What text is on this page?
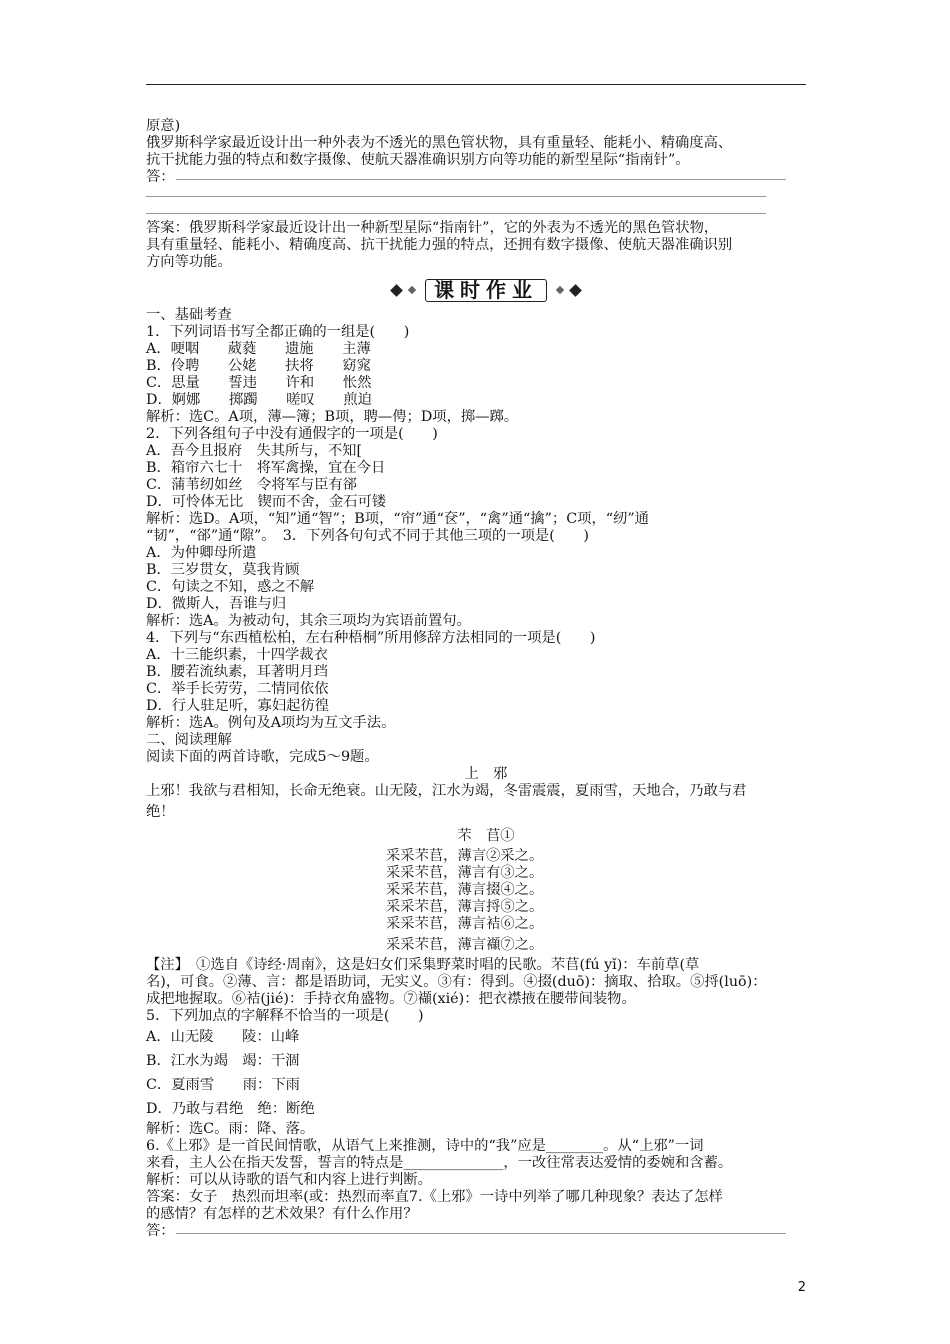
原意)
俄罗斯科学家最近设计出一种外表为不透光的黑色管状物，具有重量轻、能耗小、精确度高、
抗干扰能力强的特点和数字摄像、使航天器准确识别方向等功能的新型星际“指南针”。
答：
答案：俄罗斯科学家最近设计出一种新型星际“指南针”，它的外表为不透光的黑色管状物，
具有重量轻、能耗小、精确度高、抗干扰能力强的特点，还拥有数字摄像、使航天器准确识别
方向等功能。
课时作业
一、基础考查
1．下列词语书写全都正确的一组是(　　)
A．哽咽　　葳蕤　　遗施　　主薄
B．伶聘　　公姥　　扶将　　窈窕
C．思量　　誓违　　许和　　怅然
D．婀娜　　掷躅　　嗟叹　　煎迫
解析：选C。A项，薄—簿；B项，聘—俜；D项，掷—踯。
2．下列各组句子中没有通假字的一项是(　　)
A．吾今且报府　失其所与，不知[
B．箱帘六七十　将军禽操，宜在今日
C．蒲苇纫如丝　令将军与臣有郤
D．可怜体无比　锲而不舍，金石可镂
解析：选D。A项，“知”通“智”；B项，“帘”通“奁”，“禽”通“擒”；C项，“纫”通
“韧”，“郤”通“隙”。　3．下列各句句式不同于其他三项的一项是(　　)
A．为仲卿母所遣
B．三岁贯女，莫我肯顾
C．句读之不知，惑之不解
D．微斯人，吾谁与归
解析：选A。为被动句，其余三项均为宾语前置句。
4．下列与“东西植松柏，左右种梧桐”所用修辞方法相同的一项是(　　)
A．十三能织素，十四学裁衣
B．腰若流纨素，耳著明月珰
C．举手长劳劳，二情同依依
D．行人驻足听，寡妇起彷徨
解析：选A。例句及A项均为互文手法。
二、阅读理解
阅读下面的两首诗歌，完成5～9题。
上　邪
上邪！我欲与君相知，长命无绝衰。山无陵，江水为竭，冬雷震震，夏雨雪，天地合，乃敢与君
绝！
芣　苢①
采采芣苢，薄言②采之。
采采芣苢，薄言有③之。
采采芣苢，薄言掇④之。
采采芣苢，薄言捋⑤之。
采采芣苢，薄言袺⑥之。
采采芣苢，薄言襭⑦之。
【注】　①选自《诗经·周南》，这是妇女们采集野菜时唱的民歌。芣苢(fú yǐ)：车前草(草
名)，可食。②薄、言：都是语助词，无实义。③有：得到。④掇(duō)：摘取、拾取。⑤捋(luō)：
成把地握取。⑥袺(jié)：手持衣角盛物。⑦襭(xié)：把衣襟掖在腰带间装物。
5．下列加点的字解释不恰当的一项是(　　)
A．山无陵　　陵：山峰
B．江水为竭　竭：干涸
C．夏雨雪　　雨：下雨
D．乃敢与君绝　绝：断绝
解析：选C。雨：降、落。
6.《上邪》是一首民间情歌，从语气上来推测，诗中的“我”应是________。从“上邪”一词
来看，主人公在指天发誓，誓言的特点是______________，一改往常表达爱情的委婉和含蓄。
解析：可以从诗歌的语气和内容上进行判断。
答案：女子　热烈而坦率(或：热烈而率直7.《上邪》一诗中列举了哪几种现象？表达了怎样
的感情？有怎样的艺术效果？有什么作用？
答：
2
